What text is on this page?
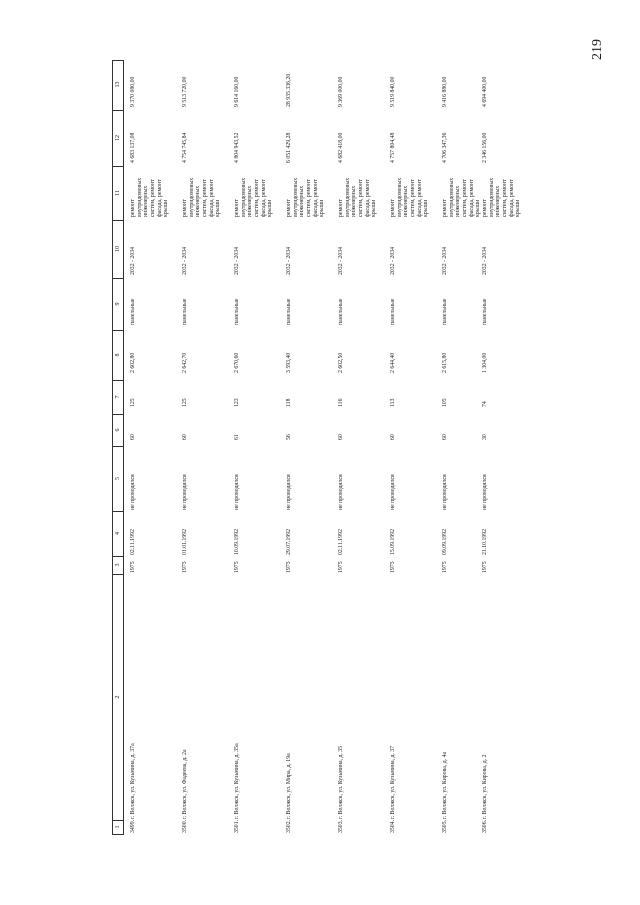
219
1
2
3
4
5
6
7
8
9
10
11
12
13
3499.
г. Волжск, ул. Кузьмина, д. 37а
1975
02.11.1992
не проводился
60
125
2 602,80
панельные
2032 - 2034
ремонт внутридомовых инженерных систем, ремонт фасада, ремонт крыши
4 683 137,08
9 370 080,00
3500.
г. Волжск, ул. Фадеева, д. 2а
1975
01.01.1992
не проводился
60
125
2 642,70
панельные
2032 - 2034
ремонт внутридомовых инженерных систем, ремонт фасада, ремонт крыши
4 754 745,84
9 513 720,00
3501.
г. Волжск, ул. Кузьмина, д. 35а
1975
10.09.1992
не проводился
61
123
2 670,60
панельные
2032 - 2034
ремонт внутридомовых инженерных систем, ремонт фасада, ремонт крыши
4 804 943,52
9 614 160,00
3502.
г. Волжск, ул. Мира, д. 19а
1975
29.07.1992
не проводился
56
118
3 593,40
панельные
2032 - 2034
ремонт внутридомовых инженерных систем, ремонт фасада, ремонт крыши
6 051 429,28
28 935 336,20
3503.
г. Волжск, ул. Кузьмина, д. 35
1975
02.11.1992
не проводился
60
116
2 602,50
панельные
2032 - 2034
ремонт внутридомовых инженерных систем, ремонт фасада, ремонт крыши
4 682 418,00
9 369 000,00
3504.
г. Волжск, ул. Кузьмина, д. 37
1975
15.09.1992
не проводился
60
113
2 644,40
панельные
2032 - 2034
ремонт внутридомовых инженерных систем, ремонт фасада, ремонт крыши
4 757 804,48
9 519 840,00
3505.
г. Волжск, ул. Кирова, д. 4а
1975
09.09.1992
не проводился
60
105
2 615,80
панельные
2032 - 2034
ремонт внутридомовых инженерных систем, ремонт фасада, ремонт крыши
4 706 347,36
9 416 880,00
3506.
г. Волжск, ул. Кирова, д. 2
1975
21.10.1992
не проводился
30
74
1 304,00
панельные
2032 - 2034
ремонт внутридомовых инженерных систем, ремонт фасада, ремонт крыши
2 346 156,00
4 694 400,00
